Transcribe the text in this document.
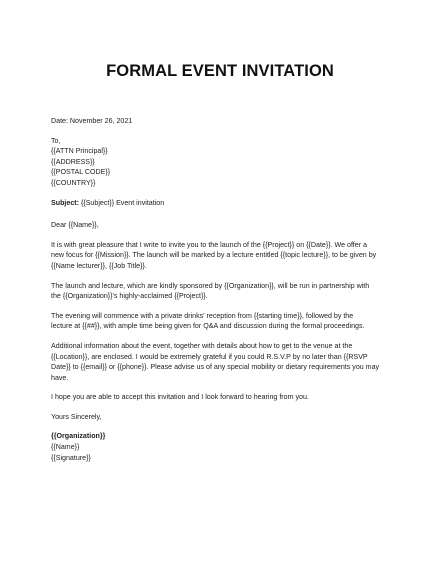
FORMAL EVENT INVITATION
Date: November 26, 2021
To,
{{ATTN Principal}}
{{ADDRESS}}
{{POSTAL CODE}}
{{COUNTRY}}
Subject: {{Subject}} Event invitation
Dear {{Name}},
It is with great pleasure that I write to invite you to the launch of the {{Project}} on {{Date}}. We offer a
new focus for {{Mission}}. The launch will be marked by a lecture entitled {{topic lecture}}, to be given by
{{Name lecturer}}, {{Job Title}}.
The launch and lecture, which are kindly sponsored by {{Organization}}, will be run in partnership with
the {{Organization}}'s highly-acclaimed {{Project}}.
The evening will commence with a private drinks' reception from {{starting time}}, followed by the
lecture at {{##}}, with ample time being given for Q&A and discussion during the formal proceedings.
Additional information about the event, together with details about how to get to the venue at the
{{Location}}, are enclosed. I would be extremely grateful if you could R.S.V.P by no later than {{RSVP
Date}} to {{email}} or {{phone}}. Please advise us of any special mobility or dietary requirements you may
have.
I hope you are able to accept this invitation and I look forward to hearing from you.
Yours Sincerely,
{{Organization}}
{{Name}}
{{Signature}}
